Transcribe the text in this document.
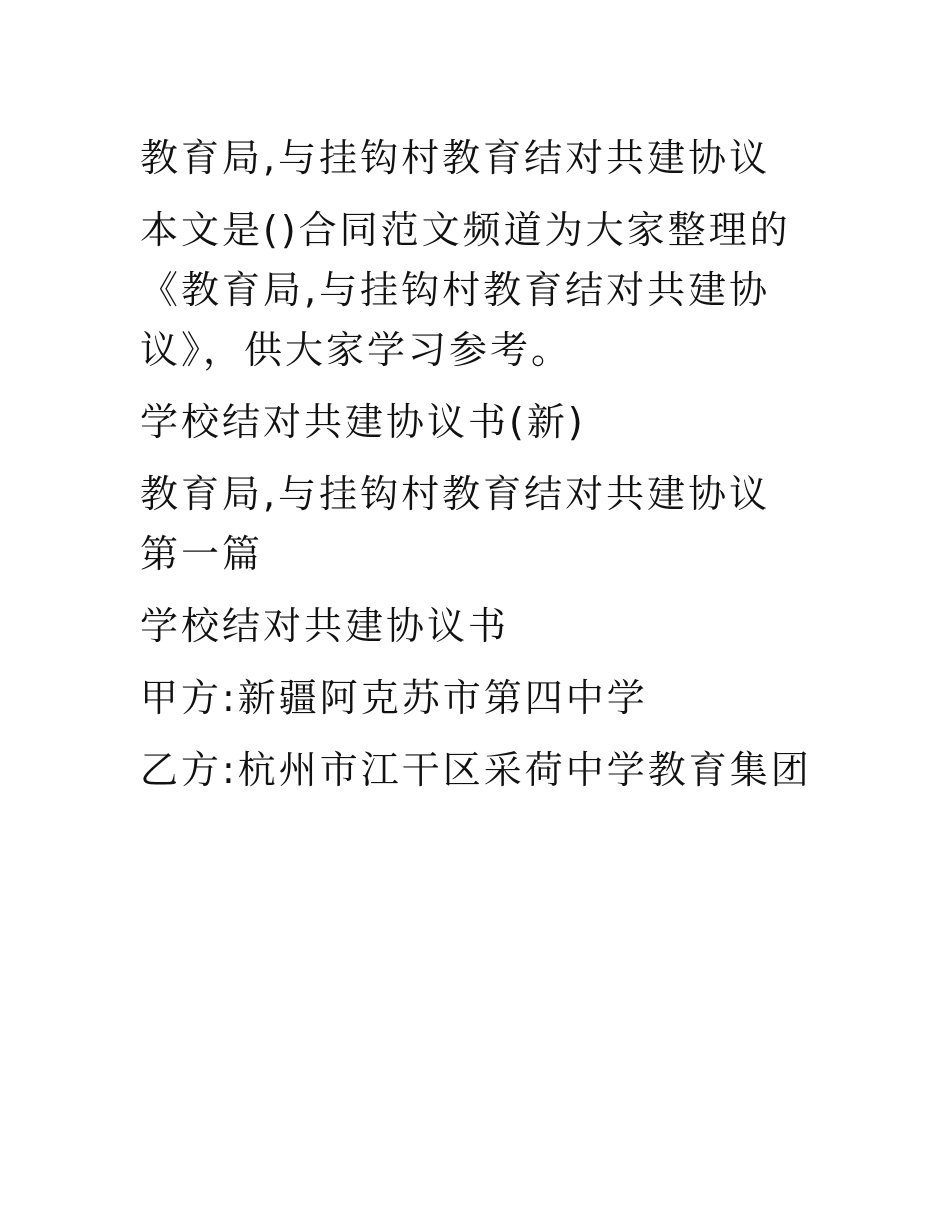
教育局,与挂钩村教育结对共建协议

本文是()合同范文频道为大家整理的《教育局,与挂钩村教育结对共建协议》，供大家学习参考。

学校结对共建协议书(新)

教育局,与挂钩村教育结对共建协议 第一篇

学校结对共建协议书

甲方:新疆阿克苏市第四中学

乙方:杭州市江干区采荷中学教育集团
